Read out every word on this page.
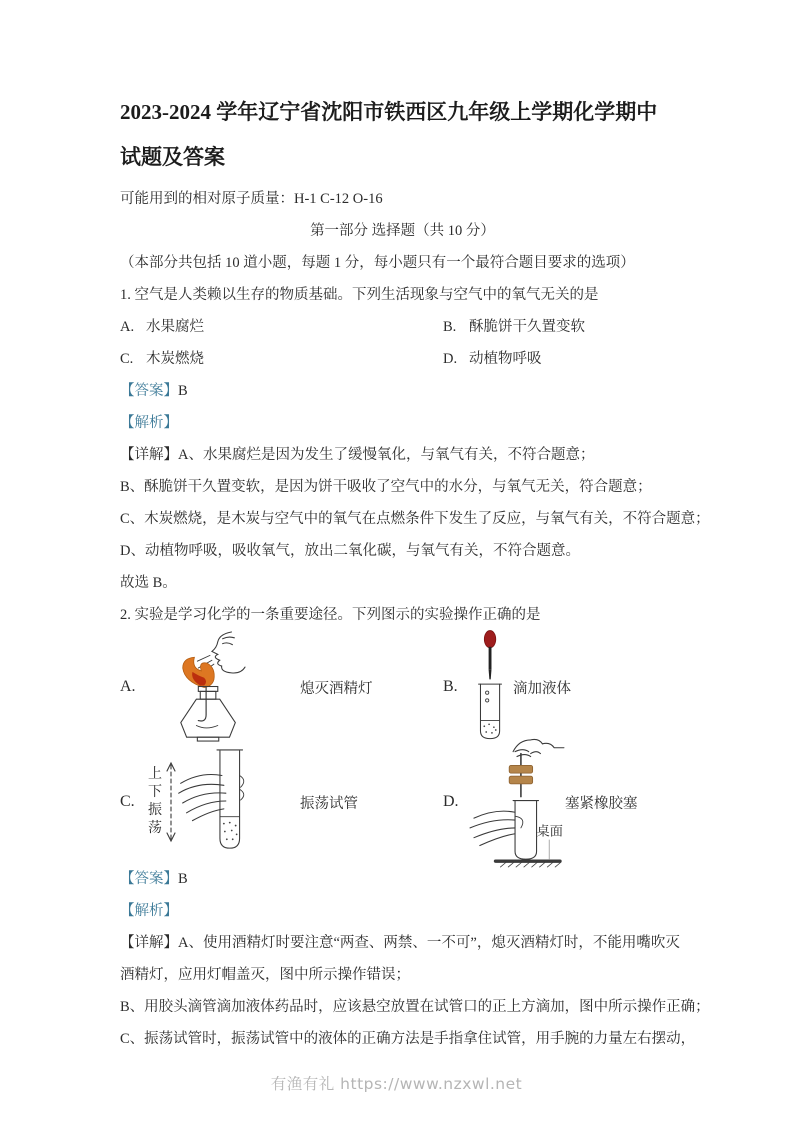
2023-2024 学年辽宁省沈阳市铁西区九年级上学期化学期中
试题及答案

可能用到的相对原子质量：H-1 C-12 O-16

第一部分 选择题（共 10 分）

（本部分共包括 10 道小题，每题 1 分，每小题只有一个最符合题目要求的选项）

1. 空气是人类赖以生存的物质基础。下列生活现象与空气中的氧气无关的是

A. 水果腐烂	B. 酥脆饼干久置变软
C. 木炭燃烧	D. 动植物呼吸

【答案】B

【解析】

【详解】A、水果腐烂是因为发生了缓慢氧化，与氧气有关，不符合题意；

B、酥脆饼干久置变软，是因为饼干吸收了空气中的水分，与氧气无关，符合题意；

C、木炭燃烧，是木炭与空气中的氧气在点燃条件下发生了反应，与氧气有关，不符合题意；

D、动植物呼吸，吸收氧气，放出二氧化碳，与氧气有关，不符合题意。

故选 B。

2. 实验是学习化学的一条重要途径。下列图示的实验操作正确的是

A.	熄灭酒精灯	B.	滴加液体
C.
上
下
振
荡
振荡试管	D.
桌面
塞紧橡胶塞

【答案】B

【解析】

【详解】A、使用酒精灯时要注意“两查、两禁、一不可”，熄灭酒精灯时，不能用嘴吹灭

酒精灯，应用灯帽盖灭，图中所示操作错误；

B、用胶头滴管滴加液体药品时，应该悬空放置在试管口的正上方滴加，图中所示操作正确；

C、振荡试管时，振荡试管中的液体的正确方法是手指拿住试管，用手腕的力量左右摆动，

有渔有礼 https://www.nzxwl.net
